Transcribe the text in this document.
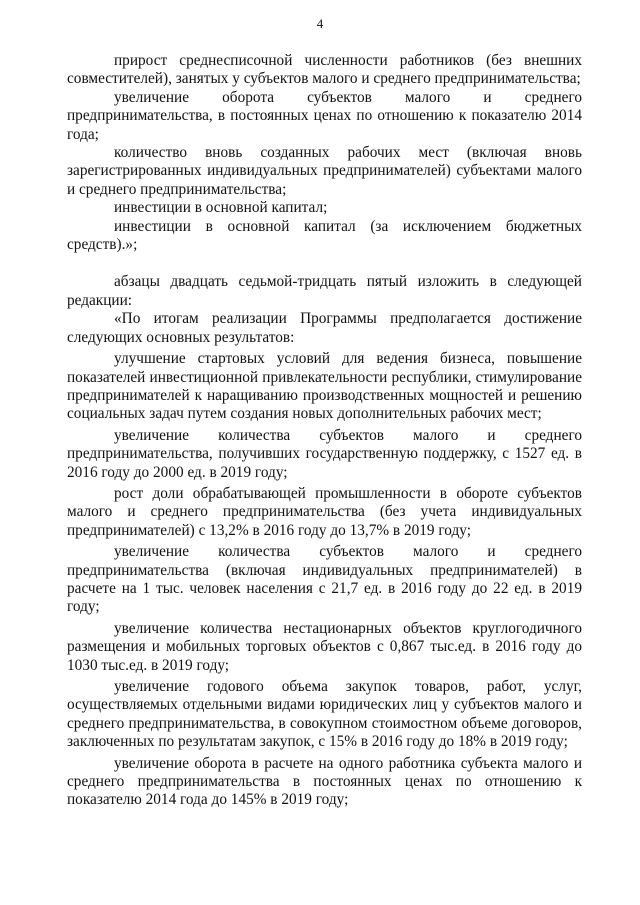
4

прирост среднесписочной численности работников (без внешних совместителей), занятых у субъектов малого и среднего предпринимательства;

увеличение оборота субъектов малого и среднего предпринимательства, в постоянных ценах по отношению к показателю 2014 года;

количество вновь созданных рабочих мест (включая вновь зарегистрированных индивидуальных предпринимателей) субъектами малого и среднего предпринимательства;

инвестиции в основной капитал;

инвестиции в основной капитал (за исключением бюджетных средств).»;

абзацы двадцать седьмой-тридцать пятый изложить в следующей редакции:

«По итогам реализации Программы предполагается достижение следующих основных результатов:

улучшение стартовых условий для ведения бизнеса, повышение показателей инвестиционной привлекательности республики, стимулирование предпринимателей к наращиванию производственных мощностей и решению социальных задач путем создания новых дополнительных рабочих мест;

увеличение количества субъектов малого и среднего предпринимательства, получивших государственную поддержку, с 1527 ед. в 2016 году до 2000 ед. в 2019 году;

рост доли обрабатывающей промышленности в обороте субъектов малого и среднего предпринимательства (без учета индивидуальных предпринимателей) с 13,2% в 2016 году до 13,7% в 2019 году;

увеличение количества субъектов малого и среднего предпринимательства (включая индивидуальных предпринимателей) в расчете на 1 тыс. человек населения с 21,7 ед. в 2016 году до 22 ед. в 2019 году;

увеличение количества нестационарных объектов круглогодичного размещения и мобильных торговых объектов с 0,867 тыс.ед. в 2016 году до 1030 тыс.ед. в 2019 году;

увеличение годового объема закупок товаров, работ, услуг, осуществляемых отдельными видами юридических лиц у субъектов малого и среднего предпринимательства, в совокупном стоимостном объеме договоров, заключенных по результатам закупок, с 15% в 2016 году до 18% в 2019 году;

увеличение оборота в расчете на одного работника субъекта малого и среднего предпринимательства в постоянных ценах по отношению к показателю 2014 года до 145% в 2019 году;
